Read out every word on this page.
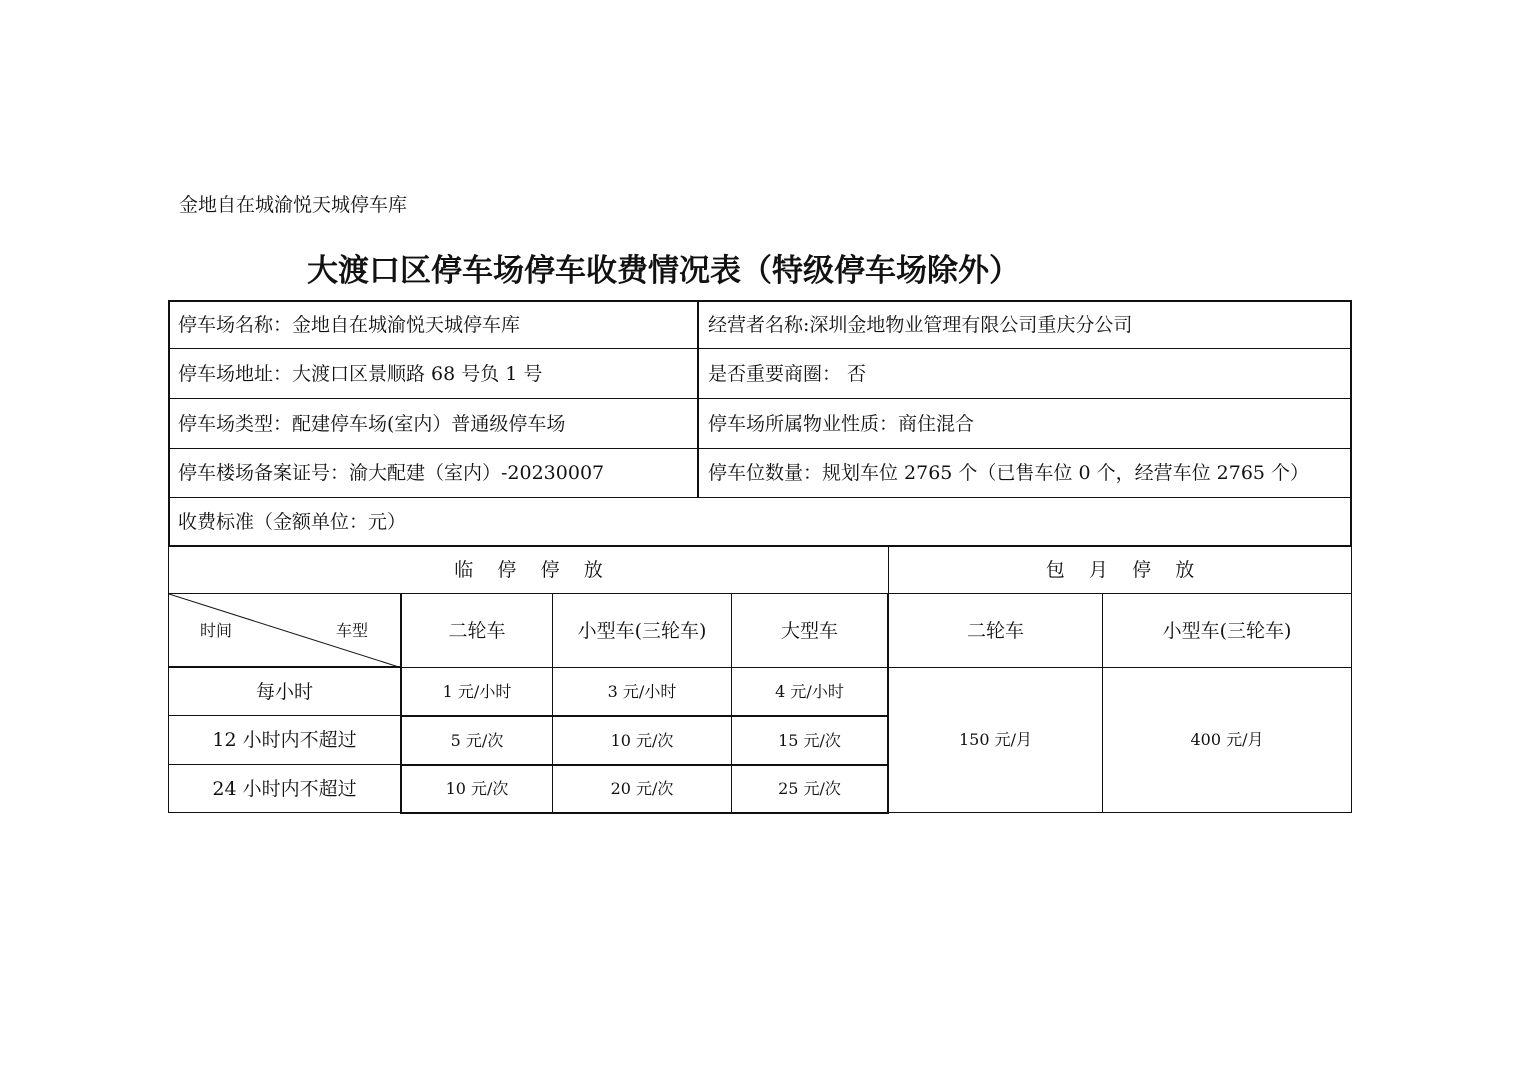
金地自在城渝悦天城停车库
大渡口区停车场停车收费情况表（特级停车场除外）
停车场名称：金地自在城渝悦天城停车库	经营者名称:深圳金地物业管理有限公司重庆分公司
停车场地址：大渡口区景顺路 68 号负 1 号	是否重要商圈： 否
停车场类型：配建停车场(室内）普通级停车场	停车场所属物业性质：商住混合
停车楼场备案证号：渝大配建（室内）-20230007	停车位数量：规划车位 2765 个（已售车位 0 个，经营车位 2765 个）
收费标准（金额单位：元）
临    停    停    放	包    月    停    放
时间	车型	二轮车	小型车(三轮车)	大型车	二轮车	小型车(三轮车)
每小时	1 元/小时	3 元/小时	4 元/小时
12 小时内不超过	5 元/次	10 元/次	15 元/次
24 小时内不超过	10 元/次	20 元/次	25 元/次
150 元/月	400 元/月
